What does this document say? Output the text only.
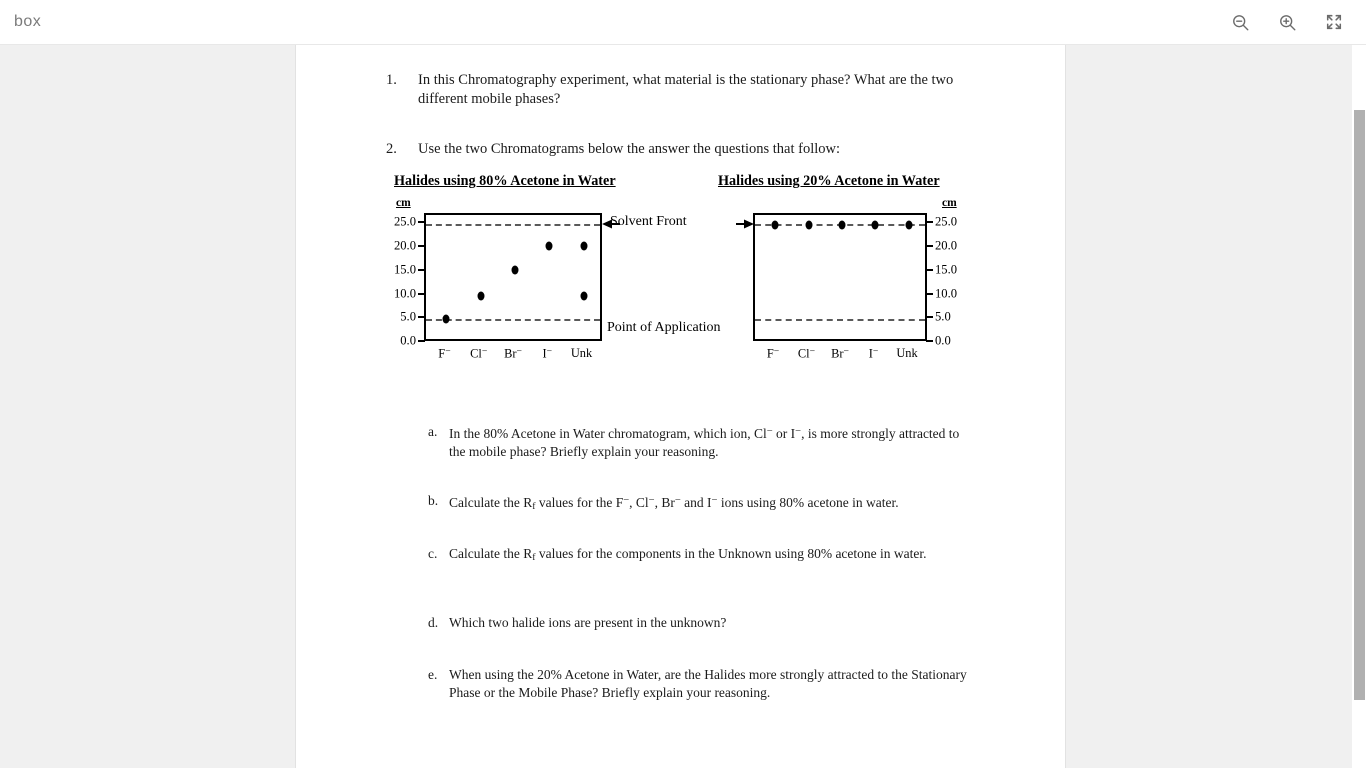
box
1.	In this Chromatography experiment, what material is the stationary phase? What are the two different mobile phases?
2.	Use the two Chromatograms below the answer the questions that follow:
Halides using 80% Acetone in Water	Halides using 20% Acetone in Water
cm	cm
0.0
5.0
10.0
15.0
20.0
25.0
F− Cl− Br− I− Unk
0.0
5.0
10.0
15.0
20.0
25.0
F− Cl− Br− I− Unk
Solvent Front
Point of Application
a. In the 80% Acetone in Water chromatogram, which ion, Cl− or I−, is more strongly attracted to the mobile phase? Briefly explain your reasoning.
b. Calculate the $R_f$ values for the F−, Cl−, Br− and I− ions using 80% acetone in water.
c. Calculate the $R_f$ values for the components in the Unknown using 80% acetone in water.
d. Which two halide ions are present in the unknown?
e. When using the 20% Acetone in Water, are the Halides more strongly attracted to the Stationary Phase or the Mobile Phase? Briefly explain your reasoning.
